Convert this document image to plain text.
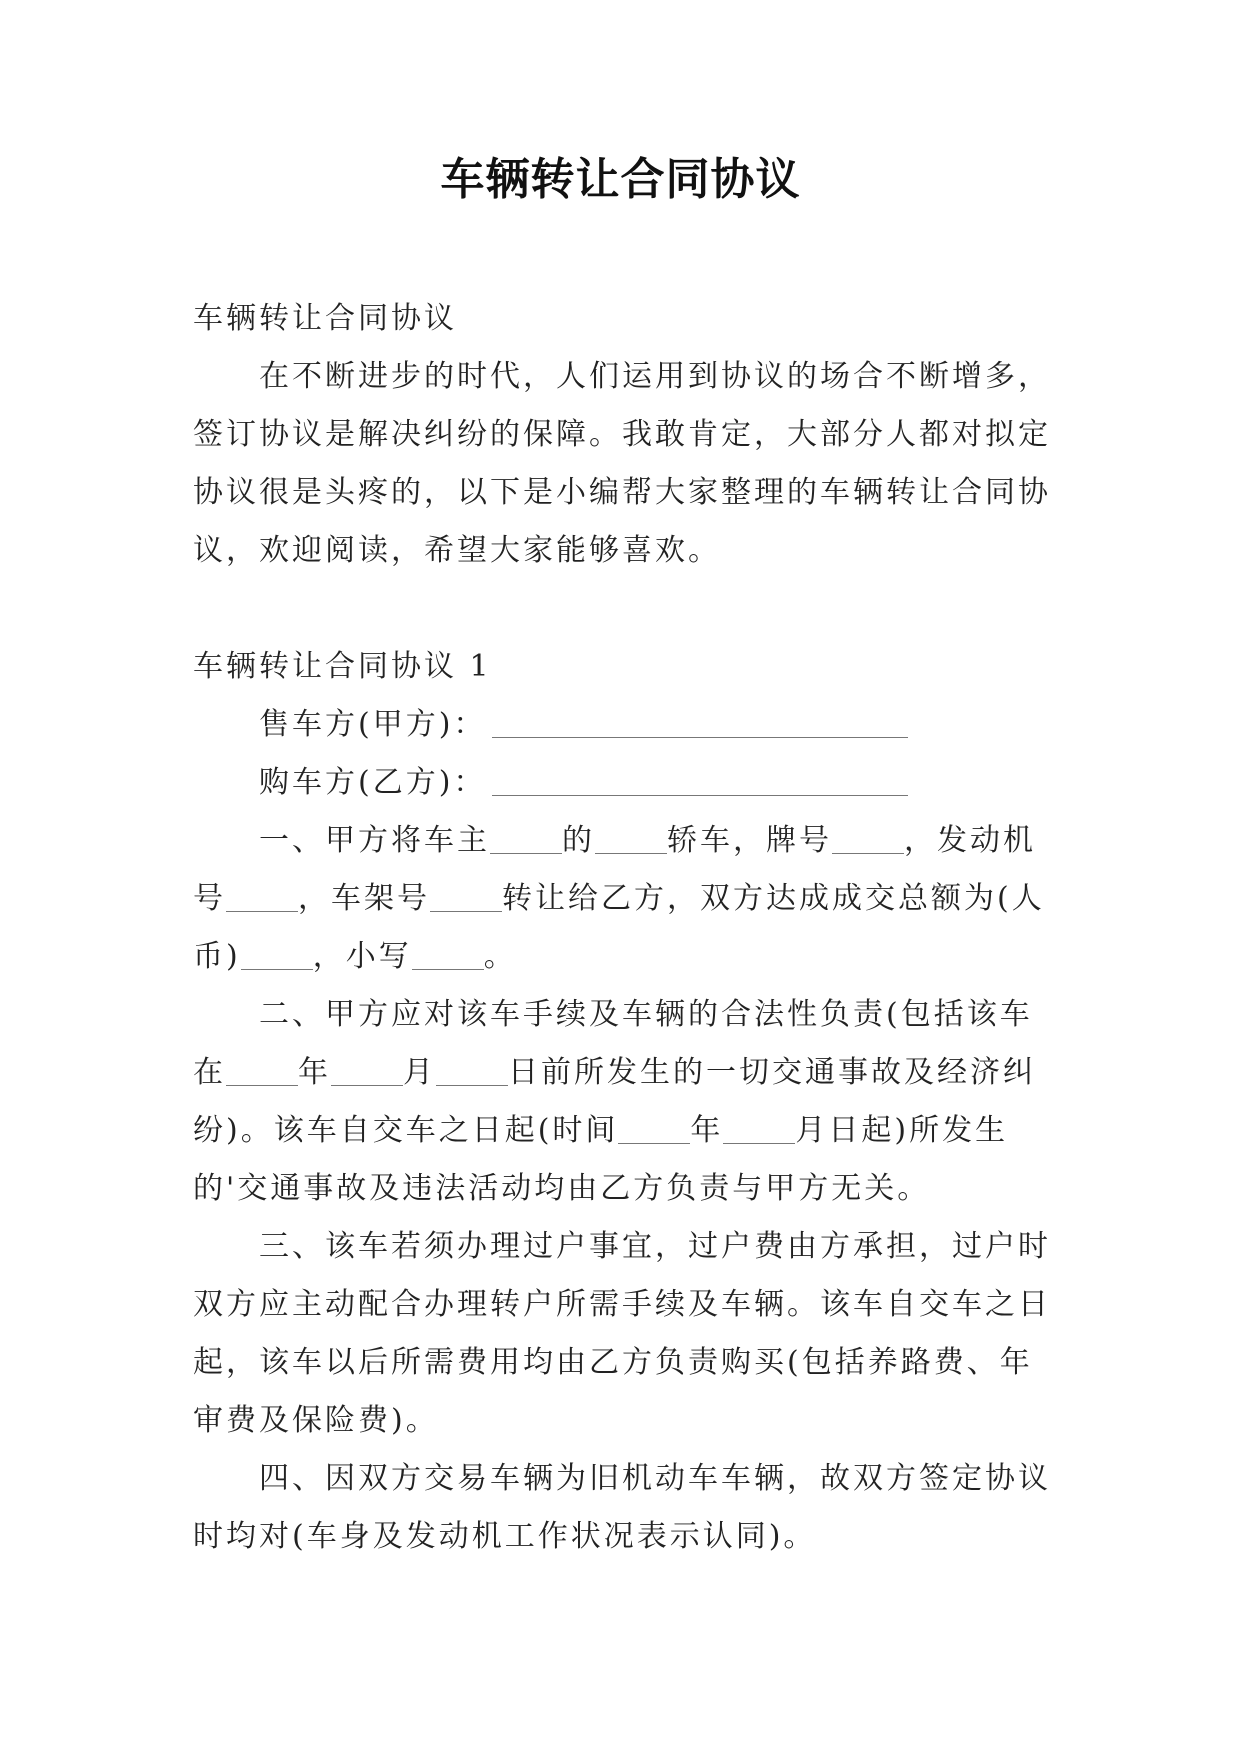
车辆转让合同协议

车辆转让合同协议

在不断进步的时代，人们运用到协议的场合不断增多，签订协议是解决纠纷的保障。我敢肯定，大部分人都对拟定协议很是头疼的，以下是小编帮大家整理的车辆转让合同协议，欢迎阅读，希望大家能够喜欢。

车辆转让合同协议 1

售车方(甲方)：

购车方(乙方)：

一、甲方将车主 的 轿车，牌号 ，发动机号 ，车架号 转让给乙方，双方达成成交总额为(人币) ，小写 。

二、甲方应对该车手续及车辆的合法性负责(包括该车在 年 月 日前所发生的一切交通事故及经济纠纷)。该车自交车之日起(时间 年 月日起)所发生的'交通事故及违法活动均由乙方负责与甲方无关。

三、该车若须办理过户事宜，过户费由方承担，过户时双方应主动配合办理转户所需手续及车辆。该车自交车之日起，该车以后所需费用均由乙方负责购买(包括养路费、年审费及保险费)。

四、因双方交易车辆为旧机动车车辆，故双方签定协议时均对(车身及发动机工作状况表示认同)。
